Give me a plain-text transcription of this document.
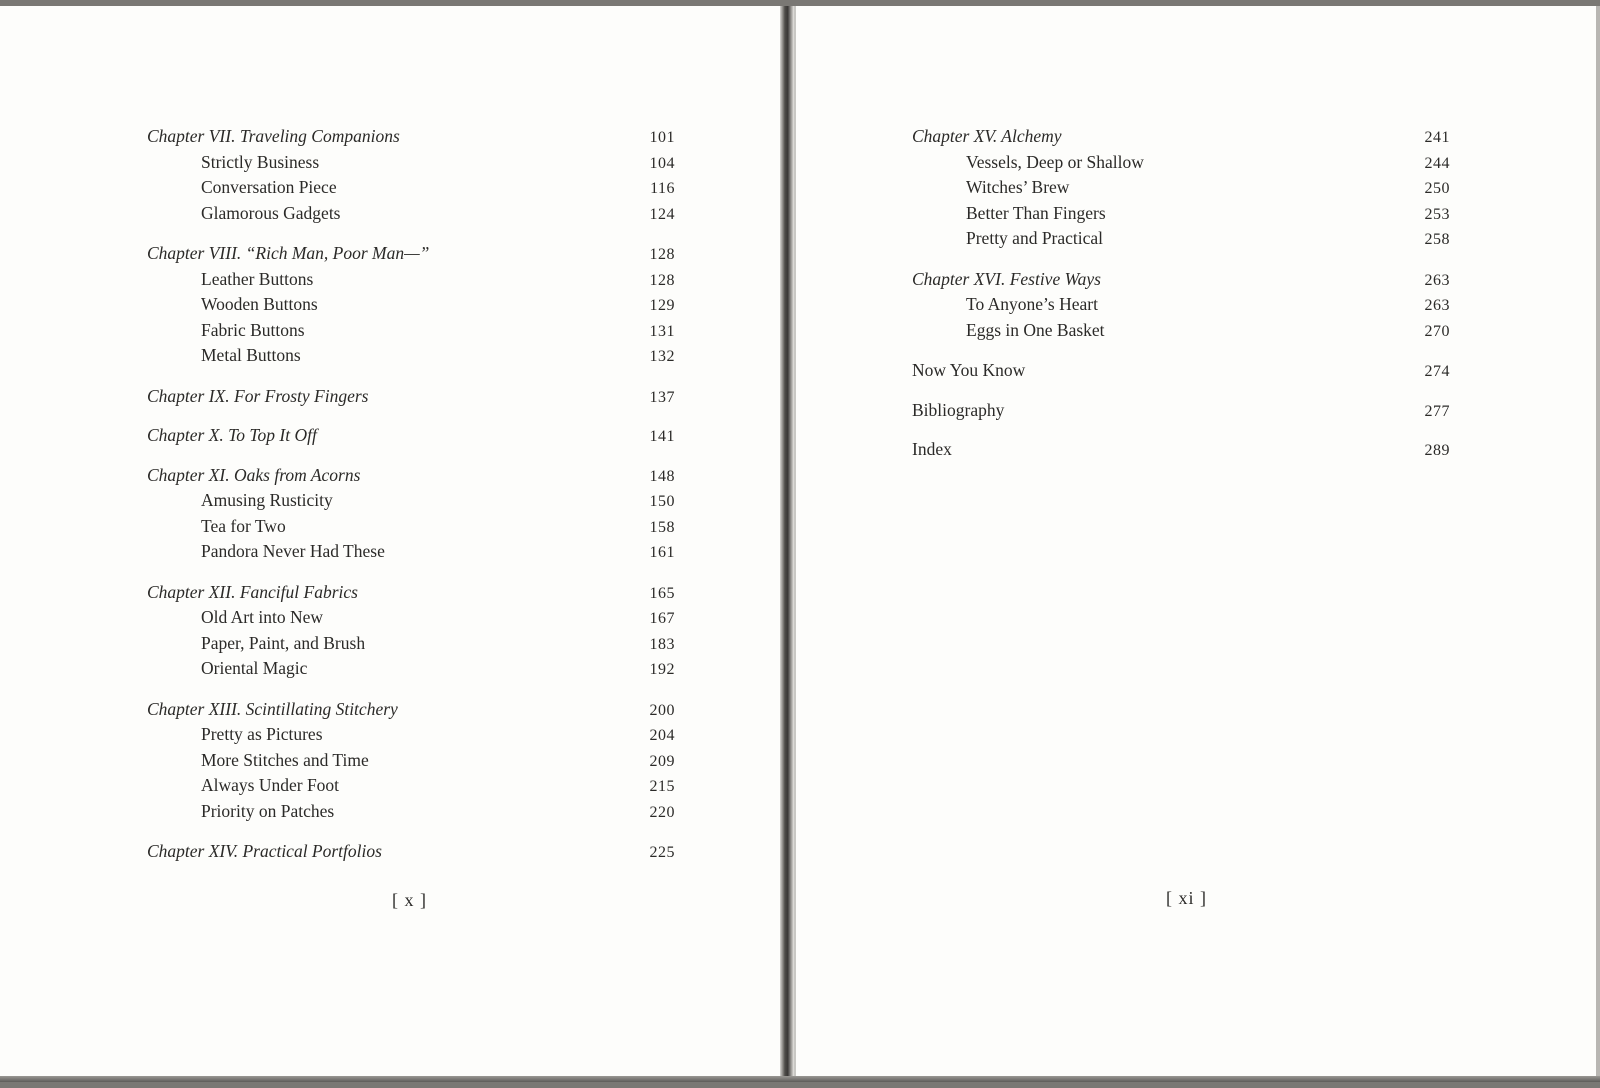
Chapter VII. Traveling Companions	101
Strictly Business	104
Conversation Piece	116
Glamorous Gadgets	124
Chapter VIII. “Rich Man, Poor Man—”	128
Leather Buttons	128
Wooden Buttons	129
Fabric Buttons	131
Metal Buttons	132
Chapter IX. For Frosty Fingers	137
Chapter X. To Top It Off	141
Chapter XI. Oaks from Acorns	148
Amusing Rusticity	150
Tea for Two	158
Pandora Never Had These	161
Chapter XII. Fanciful Fabrics	165
Old Art into New	167
Paper, Paint, and Brush	183
Oriental Magic	192
Chapter XIII. Scintillating Stitchery	200
Pretty as Pictures	204
More Stitches and Time	209
Always Under Foot	215
Priority on Patches	220
Chapter XIV. Practical Portfolios	225
[ x ]
Chapter XV. Alchemy	241
Vessels, Deep or Shallow	244
Witches’ Brew	250
Better Than Fingers	253
Pretty and Practical	258
Chapter XVI. Festive Ways	263
To Anyone’s Heart	263
Eggs in One Basket	270
Now You Know	274
Bibliography	277
Index	289
[ xi ]
